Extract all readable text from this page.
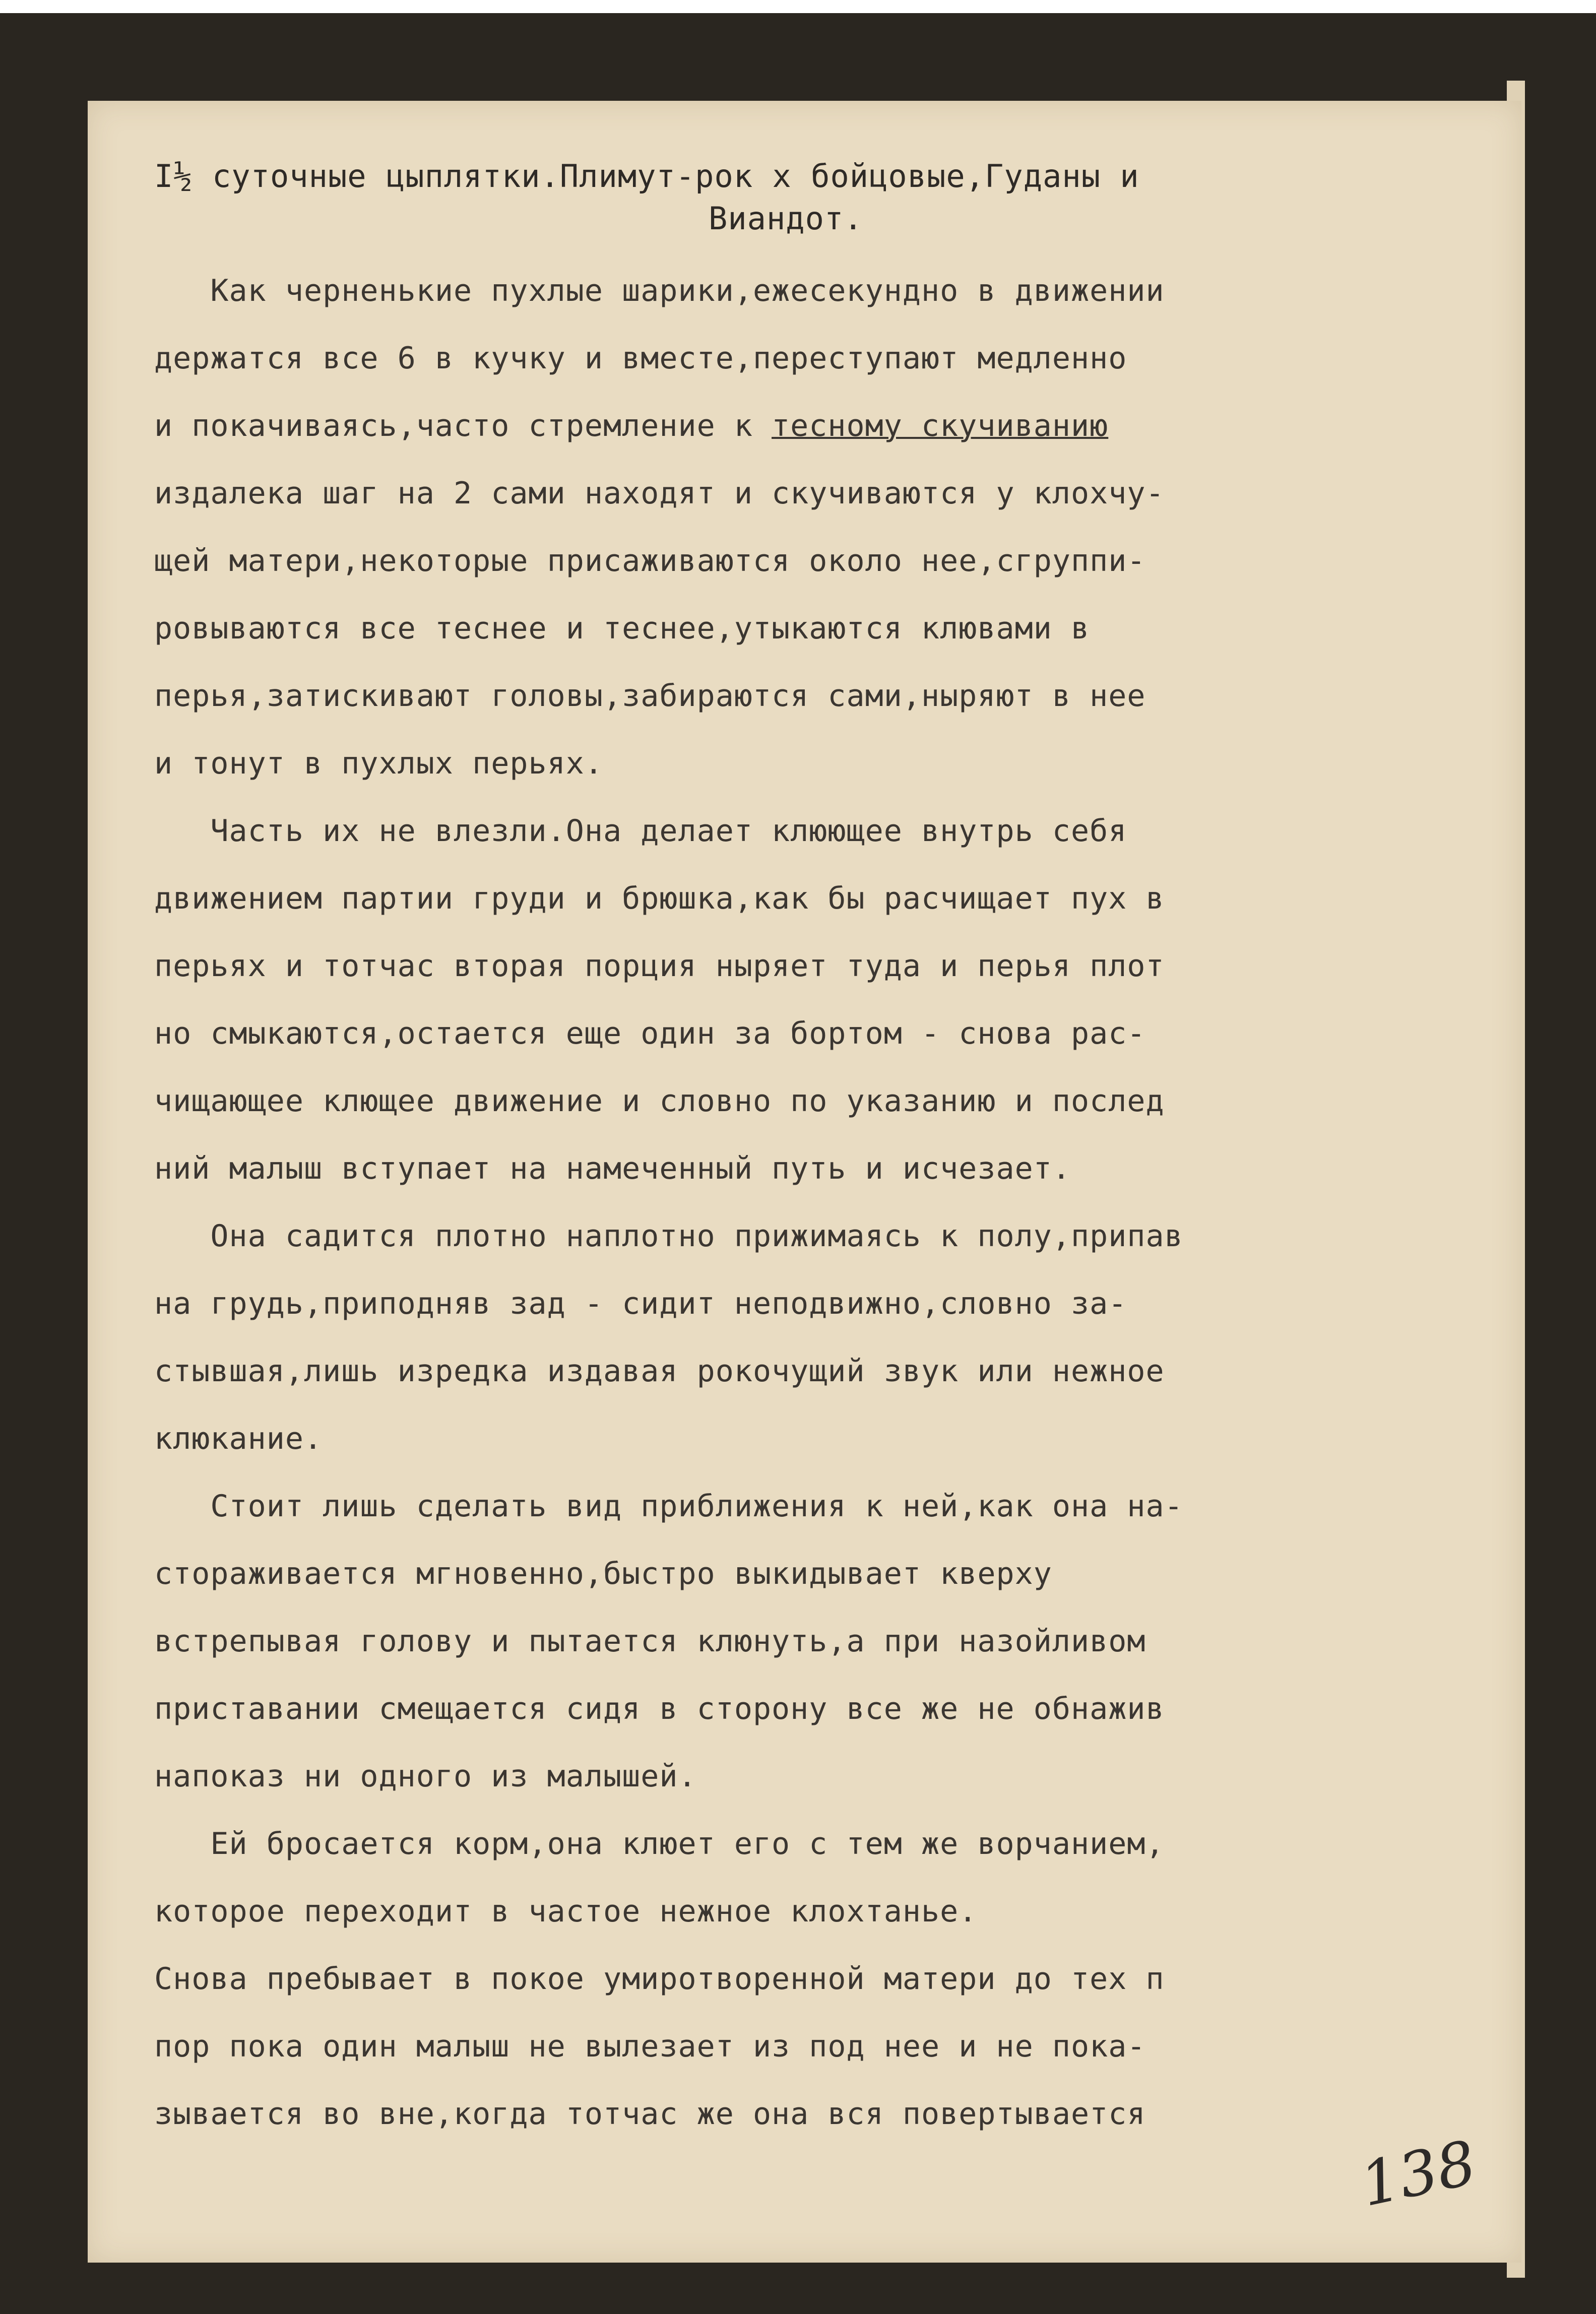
I½ суточные цыплятки.Плимут-рок х бойцовые,Гуданы и
Виандот.
Как черненькие пухлые шарики,ежесекундно в движении
держатся все 6 в кучку и вместе,переступают медленно
и покачиваясь,часто стремление к тесному скучиванию
издалека шаг на 2 сами находят и скучиваются у клохчу-
щей матери,некоторые присаживаются около нее,сгруппи-
ровываются все теснее и теснее,утыкаются клювами в
перья,затискивают головы,забираются сами,ныряют в нее
и тонут в пухлых перьях.
Часть их не влезли.Она делает клюющее внутрь себя
движением партии груди и брюшка,как бы расчищает пух в
перьях и тотчас вторая порция ныряет туда и перья плот
но смыкаются,остается еще один за бортом - снова рас-
чищающее клющее движение и словно по указанию и послед
ний малыш вступает на намеченный путь и исчезает.
Она садится плотно наплотно прижимаясь к полу,припав
на грудь,приподняв зад - сидит неподвижно,словно за-
стывшая,лишь изредка издавая рокочущий звук или нежное
клюкание.
Стоит лишь сделать вид приближения к ней,как она на-
стораживается мгновенно,быстро выкидывает кверху
встрепывая голову и пытается клюнуть,а при назойливом
приставании смещается сидя в сторону все же не обнажив
напоказ ни одного из малышей.
Ей бросается корм,она клюет его с тем же ворчанием,
которое переходит в частое нежное клохтанье.
Снова пребывает в покое умиротворенной матери до тех п
пор пока один малыш не вылезает из под нее и не пока-
зывается во вне,когда тотчас же она вся повертывается
138
